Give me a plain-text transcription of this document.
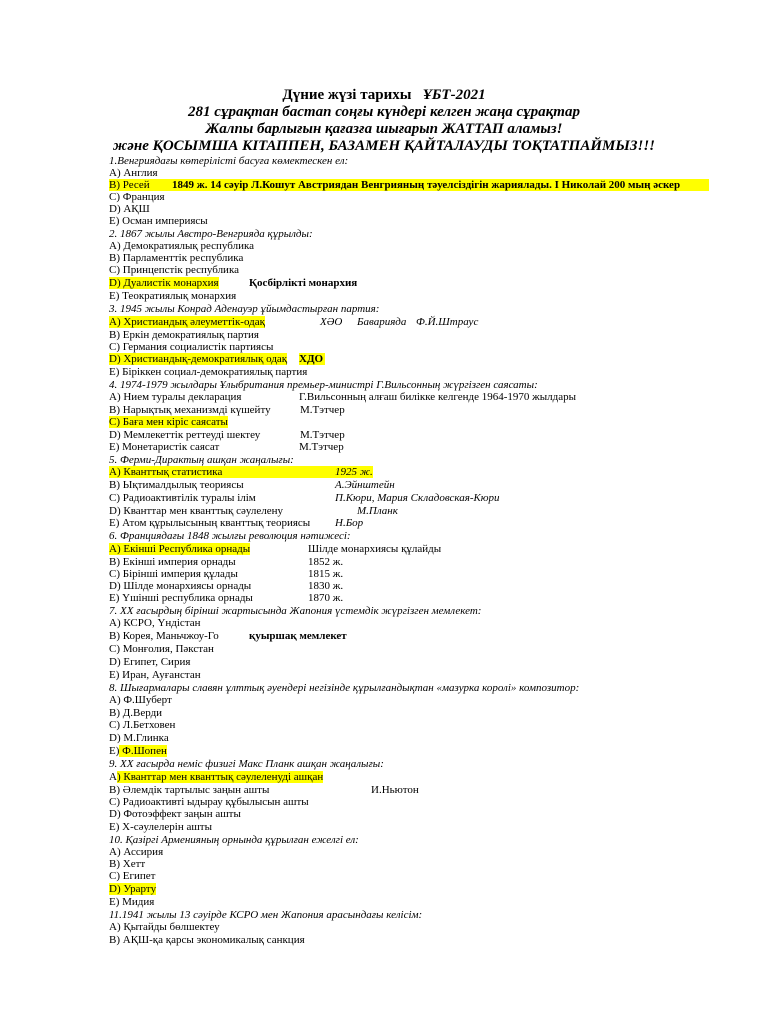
Дүние жүзі тарихы ҰБТ-2021
281 сұрақтан бастап соңғы күндері келген жаңа сұрақтар
Жалпы барлығын қағазға шығарып ЖАТТАП аламыз!
және ҚОСЫМША КІТАППЕН, БАЗАМЕН ҚАЙТАЛАУДЫ ТОҚТАТПАЙМЫЗ!!!
1.Венгриядағы көтерілісті басуға көмектескен ел:
А) Англия
В) Ресей 1849 ж. 14 сәуір Л.Кошут Австриядан Венгрияның тәуелсіздігін жариялады. І Николай 200 мың әскер
С) Франция
D) АҚШ
Е) Осман империясы
2. 1867 жылы Австро-Венгрияда құрылды:
А) Демократиялық республика
В) Парламенттік республика
С) Принцепстік республика
D) Дуалистік монархия	Қосбірлікті монархия
Е) Теократиялық монархия
3. 1945 жылы Конрад Аденауэр ұйымдастырған партия:
А) Христиандық әлеуметтік-одақ	ХӘО Бавариядa Ф.Й.Штраус
В) Еркін демократиялық партия
С) Германия социалистік партиясы
D) Христиандық-демократиялық одақ ХДО
Е) Біріккен социал-демократиялық партия
4. 1974-1979 жылдары Ұлыбритания премьер-министрі Г.Вильсонның жүргізген саясаты:
А) Нием туралы декларация	Г.Вильсонның алғаш билікке келгенде 1964-1970 жылдары
В) Нарықтық механизмді күшейту	М.Тэтчер
С) Баға мен кіріс саясаты
D) Мемлекеттік реттеуді шектеу	М.Тэтчер
Е) Монетаристік саясат	М.Тэтчер
5. Ферми-Дирактың ашқан жаңалығы:
А) Кванттық статистика	1925 ж.
В) Ықтималдылық теориясы	А.Эйнштейн
С) Радиоактивтілік туралы ілім	П.Кюри, Мария Складовская-Кюри
D) Кванттар мен кванттық сәулелену	М.Планк
Е) Атом құрылысының кванттық теориясы Н.Бор
6. Франциядағы 1848 жылғы революция нәтижесі:
А) Екінші Республика орнады	Шілде монархиясы құлайды
В) Екінші империя орнады	1852 ж.
С) Бірінші империя құлады	1815 ж.
D) Шілде монархиясы орнады	1830 ж.
Е) Үшінші республика орнады	1870 ж.
7. ХХ ғасырдың бірінші жартысында Жапония үстемдік жүргізген мемлекет:
А) КСРО, Үндістан
В) Корея, Маньчжоу-Го	қуыршақ мемлекет
С) Монғолия, Пәкстан
D) Египет, Сирия
Е) Иран, Ауғанстан
8. Шығармалары славян ұлттық әуендері негізінде құрылғандықтан «мазурка королі» композитор:
А) Ф.Шуберт
В) Д.Верди
С) Л.Бетховен
D) М.Глинка
Е) Ф.Шопен
9. ХХ ғасырда неміс физигі Макс Планк ашқан жаңалығы:
А) Кванттар мен кванттық сәулеленуді ашқан
В) Әлемдік тартылыс заңын ашты	И.Ньютон
С) Радиоактивті ыдырау құбылысын ашты
D) Фотоэффект заңын ашты
Е) Х-сәулелерін ашты
10. Қазіргі Арменияның орнында құрылған ежелгі ел:
А) Ассирия
В) Хетт
С) Египет
D) Урарту
Е) Мидия
11.1941 жылы 13 сәуірде КСРО мен Жапония арасындағы келісім:
А) Қытайды бөлшектеу
В) АҚШ-қа қарсы экономикалық санкция
